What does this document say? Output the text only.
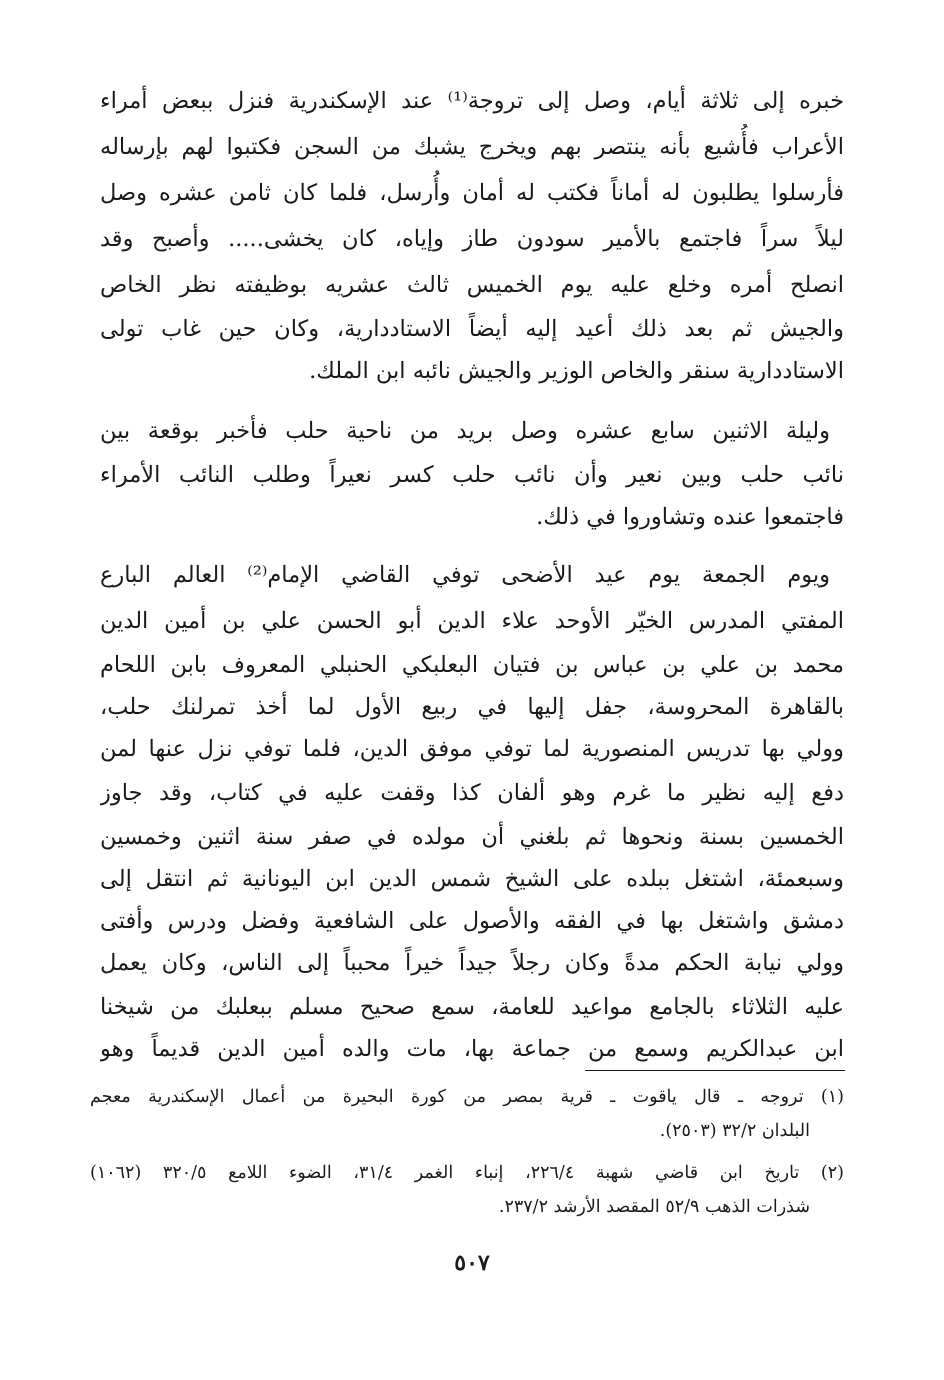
خبره إلى ثلاثة أيام، وصل إلى تروجة⁽¹⁾ عند الإسكندرية فنزل ببعض أمراء

الأعراب فأُشيع بأنه ينتصر بهم ويخرج يشبك من السجن فكتبوا لهم بإرساله

فأرسلوا يطلبون له أماناً فكتب له أمان وأُرسل، فلما كان ثامن عشره وصل

ليلاً سراً فاجتمع بالأمير سودون طاز وإياه، كان يخشى..... وأصبح وقد

انصلح أمره وخلع عليه يوم الخميس ثالث عشريه بوظيفته نظر الخاص

والجيش ثم بعد ذلك أعيد إليه أيضاً الاستاددارية، وكان حين غاب تولى

الاستاددارية سنقر والخاص الوزير والجيش نائبه ابن الملك.

وليلة الاثنين سابع عشره وصل بريد من ناحية حلب فأخبر بوقعة بين

نائب حلب وبين نعير وأن نائب حلب كسر نعيراً وطلب النائب الأمراء

فاجتمعوا عنده وتشاوروا في ذلك.

ويوم الجمعة يوم عيد الأضحى توفي القاضي الإمام⁽²⁾ العالم البارع

المفتي المدرس الخيّر الأوحد علاء الدين أبو الحسن علي بن أمين الدين

محمد بن علي بن عباس بن فتيان البعلبكي الحنبلي المعروف بابن اللحام

بالقاهرة المحروسة، جفل إليها في ربيع الأول لما أخذ تمرلنك حلب،

وولي بها تدريس المنصورية لما توفي موفق الدين، فلما توفي نزل عنها لمن

دفع إليه نظير ما غرم وهو ألفان كذا وقفت عليه في كتاب، وقد جاوز

الخمسين بسنة ونحوها ثم بلغني أن مولده في صفر سنة اثنين وخمسين

وسبعمئة، اشتغل ببلده على الشيخ شمس الدين ابن اليونانية ثم انتقل إلى

دمشق واشتغل بها في الفقه والأصول على الشافعية وفضل ودرس وأفتى

وولي نيابة الحكم مدةً وكان رجلاً جيداً خيراً محبباً إلى الناس، وكان يعمل

عليه الثلاثاء بالجامع مواعيد للعامة، سمع صحيح مسلم ببعلبك من شيخنا

ابن عبدالكريم وسمع من جماعة بها، مات والده أمين الدين قديماً وهو

(١) تروجه ـ قال ياقوت ـ قرية بمصر من كورة البحيرة من أعمال الإسكندرية معجم

البلدان ٣٢/٢ (٢٥٠٣).

(٢) تاريخ ابن قاضي شهبة ٢٢٦/٤، إنباء الغمر ٣١/٤، الضوء اللامع ٣٢٠/٥ (١٠٦٢)

شذرات الذهب ٥٢/٩ المقصد الأرشد ٢٣٧/٢.

٥٠٧
